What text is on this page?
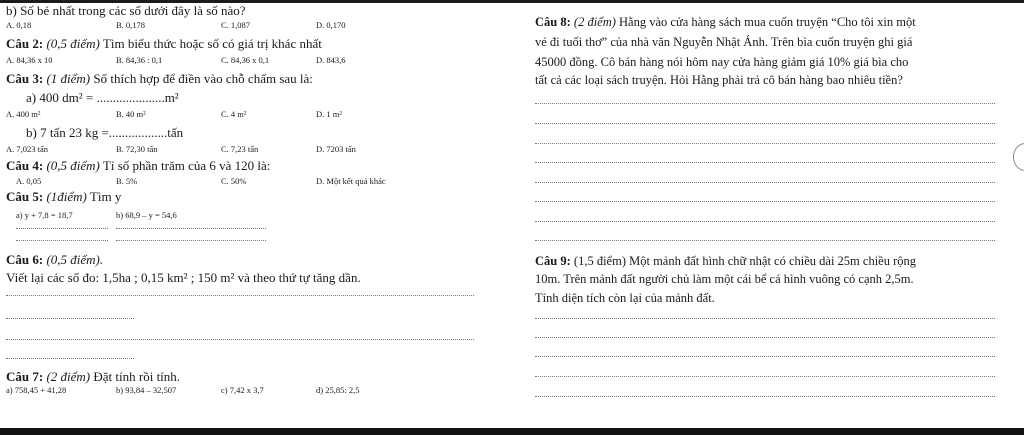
b) Số bé nhất trong các số dưới đây là số nào?
A. 0,18	B. 0,178	C. 1,087	D. 0,170
Câu 2: (0,5 điểm) Tìm biểu thức hoặc số có giá trị khác nhất
A. 84,36 x 10	B. 84,36 : 0,1	C. 84,36 x 0,1	D. 843,6
Câu 3: (1 điểm) Số thích hợp để điền vào chỗ chấm sau là:
a) 400 dm² = .....................m²
A. 400 m²	B. 40 m²	C. 4 m²	D. 1 m²
b) 7 tấn 23 kg =..................tấn
A. 7,023 tấn	B. 72,30 tấn	C. 7,23 tấn	D. 7203 tấn
Câu 4: (0,5 điểm) Tỉ số phần trăm của 6 và 120 là:
A. 0,05	B. 5%	C. 50%	D. Một kết quả khác
Câu 5: (1điểm) Tìm y
a) y + 7,8 = 18,7	b) 68,9 – y = 54,6
Câu 6: (0,5 điểm).
Viết lại các số đo: 1,5ha ; 0,15 km² ; 150 m² và theo thứ tự tăng dần.
Câu 7: (2 điểm) Đặt tính rồi tính.
a) 758,45 + 41,28	b) 93,84 – 32,507	c) 7,42 x 3,7	d) 25,85: 2,5
Câu 8: (2 điểm) Hằng vào cửa hàng sách mua cuốn truyện “Cho tôi xin một
vé đi tuổi thơ” của nhà văn Nguyễn Nhật Ánh. Trên bìa cuốn truyện ghi giá
45000 đồng. Cô bán hàng nói hôm nay cửa hàng giảm giá 10% giá bìa cho
tất cả các loại sách truyện. Hỏi Hằng phải trả cô bán hàng bao nhiêu tiền?
Câu 9: (1,5 điểm) Một mảnh đất hình chữ nhật có chiều dài 25m chiều rộng
10m. Trên mảnh đất người chủ làm một cái bể cá hình vuông có cạnh 2,5m.
Tính diện tích còn lại của mảnh đất.
